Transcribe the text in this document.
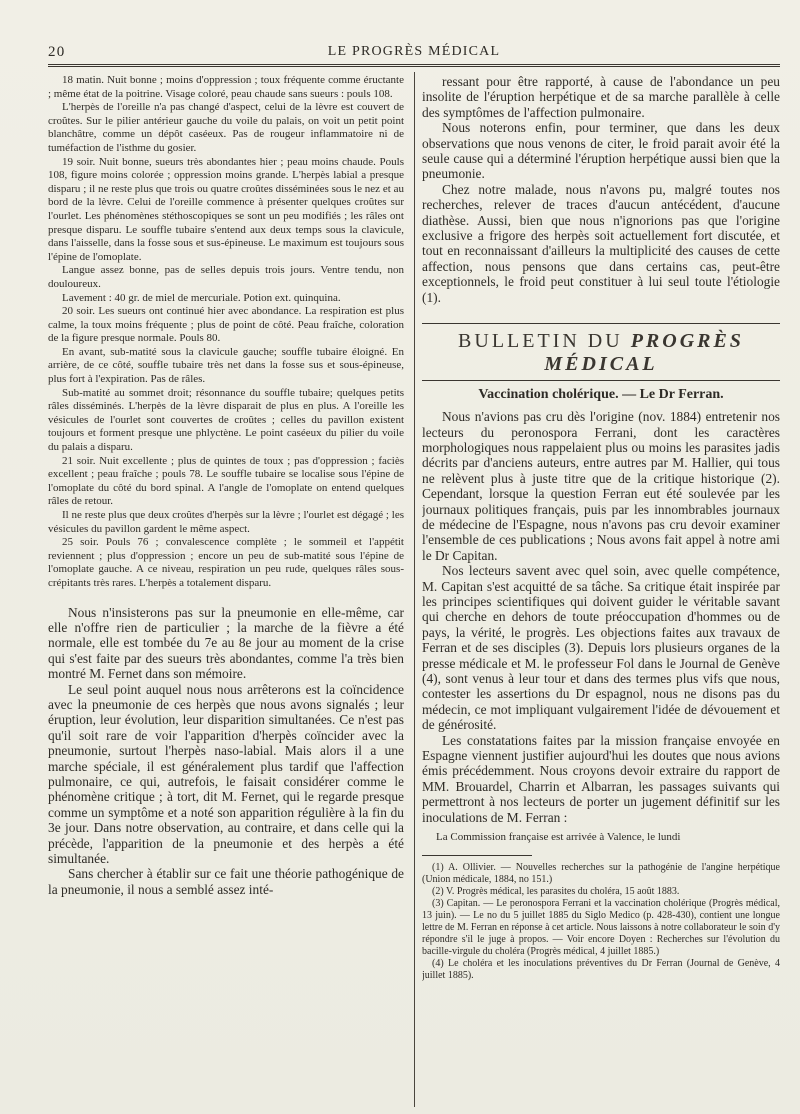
20	LE PROGRÈS MÉDICAL

18 matin. Nuit bonne ; moins d'oppression ; toux fréquente comme éructante ; même état de la poitrine. Visage coloré, peau chaude sans sueurs : pouls 108.

L'herpès de l'oreille n'a pas changé d'aspect, celui de la lèvre est couvert de croûtes. Sur le pilier antérieur gauche du voile du palais, on voit un petit point blanchâtre, comme un dépôt caséeux. Pas de rougeur inflammatoire ni de tuméfaction de l'isthme du gosier.

19 soir. Nuit bonne, sueurs très abondantes hier ; peau moins chaude. Pouls 108, figure moins colorée ; oppression moins grande. L'herpès labial a presque disparu ; il ne reste plus que trois ou quatre croûtes disséminées sous le nez et au bord de la lèvre. Celui de l'oreille commence à présenter quelques croûtes sur l'ourlet. Les phénomènes stéthoscopiques se sont un peu modifiés ; les râles ont presque disparu. Le souffle tubaire s'entend aux deux temps sous la clavicule, dans l'aisselle, dans la fosse sous et sus-épineuse. Le maximum est toujours sous l'épine de l'omoplate.

Langue assez bonne, pas de selles depuis trois jours. Ventre tendu, non douloureux.

Lavement : 40 gr. de miel de mercuriale. Potion ext. quinquina.

20 soir. Les sueurs ont continué hier avec abondance. La respiration est plus calme, la toux moins fréquente ; plus de point de côté. Peau fraîche, coloration de la figure presque normale. Pouls 80.

En avant, sub-matité sous la clavicule gauche; souffle tubaire éloigné. En arrière, de ce côté, souffle tubaire très net dans la fosse sus et sous-épineuse, plus fort à l'expiration. Pas de râles.

Sub-matité au sommet droit; résonnance du souffle tubaire; quelques petits râles disséminés. L'herpès de la lèvre disparait de plus en plus. A l'oreille les vésicules de l'ourlet sont couvertes de croûtes ; celles du pavillon existent toujours et forment presque une phlyctène. Le point caséeux du pilier du voile du palais a disparu.

21 soir. Nuit excellente ; plus de quintes de toux ; pas d'oppression ; faciès excellent ; peau fraîche ; pouls 78. Le souffle tubaire se localise sous l'épine de l'omoplate du côté du bord spinal. A l'angle de l'omoplate on entend quelques râles de retour.

Il ne reste plus que deux croûtes d'herpès sur la lèvre ; l'ourlet est dégagé ; les vésicules du pavillon gardent le même aspect.

25 soir. Pouls 76 ; convalescence complète ; le sommeil et l'appétit reviennent ; plus d'oppression ; encore un peu de sub-matité sous l'épine de l'omoplate gauche. A ce niveau, respiration un peu rude, quelques râles sous-crépitants très rares. L'herpès a totalement disparu.

Nous n'insisterons pas sur la pneumonie en elle-même, car elle n'offre rien de particulier ; la marche de la fièvre a été normale, elle est tombée du 7e au 8e jour au moment de la crise qui s'est faite par des sueurs très abondantes, comme l'a très bien montré M. Fernet dans son mémoire.

Le seul point auquel nous nous arrêterons est la coïncidence avec la pneumonie de ces herpès que nous avons signalés ; leur éruption, leur évolution, leur disparition simultanées. Ce n'est pas qu'il soit rare de voir l'apparition d'herpès coïncider avec la pneumonie, surtout l'herpès naso-labial. Mais alors il a une marche spéciale, il est généralement plus tardif que l'affection pulmonaire, ce qui, autrefois, le faisait considérer comme le phénomène critique ; à tort, dit M. Fernet, qui le regarde presque comme un symptôme et a noté son apparition régulière à la fin du 3e jour. Dans notre observation, au contraire, et dans celle qui la précède, l'apparition de la pneumonie et des herpès a été simultanée.

Sans chercher à établir sur ce fait une théorie pathogénique de la pneumonie, il nous a semblé assez inté-

ressant pour être rapporté, à cause de l'abondance un peu insolite de l'éruption herpétique et de sa marche parallèle à celle des symptômes de l'affection pulmonaire.

Nous noterons enfin, pour terminer, que dans les deux observations que nous venons de citer, le froid parait avoir été la seule cause qui a déterminé l'éruption herpétique aussi bien que la pneumonie.

Chez notre malade, nous n'avons pu, malgré toutes nos recherches, relever de traces d'aucun antécédent, d'aucune diathèse. Aussi, bien que nous n'ignorions pas que l'origine exclusive a frigore des herpès soit actuellement fort discutée, et tout en reconnaissant d'ailleurs la multiplicité des causes de cette affection, nous pensons que dans certains cas, peut-être exceptionnels, le froid peut constituer à lui seul toute l'étiologie (1).

BULLETIN DU PROGRÈS MÉDICAL
Vaccination cholérique. — Le Dr Ferran.

Nous n'avions pas cru dès l'origine (nov. 1884) entretenir nos lecteurs du peronospora Ferrani, dont les caractères morphologiques nous rappelaient plus ou moins les parasites jadis décrits par d'anciens auteurs, entre autres par M. Hallier, qui tous ne relèvent plus à juste titre que de la critique historique (2). Cependant, lorsque la question Ferran eut été soulevée par les journaux politiques français, puis par les innombrables journaux de médecine de l'Espagne, nous n'avons pas cru devoir examiner l'ensemble de ces publications ; Nous avons fait appel à notre ami le Dr Capitan.

Nos lecteurs savent avec quel soin, avec quelle compétence, M. Capitan s'est acquitté de sa tâche. Sa critique était inspirée par les principes scientifiques qui doivent guider le véritable savant qui cherche en dehors de toute préoccupation d'hommes ou de pays, la vérité, le progrès. Les objections faites aux travaux de Ferran et de ses disciples (3). Depuis lors plusieurs organes de la presse médicale et M. le professeur Fol dans le Journal de Genève (4), sont venus à leur tour et dans des termes plus vifs que nous, contester les assertions du Dr espagnol, nous ne disons pas du médecin, ce mot impliquant vulgairement l'idée de dévouement et de générosité.

Les constatations faites par la mission française envoyée en Espagne viennent justifier aujourd'hui les doutes que nous avions émis précédemment. Nous croyons devoir extraire du rapport de MM. Brouardel, Charrin et Albarran, les passages suivants qui permettront à nos lecteurs de porter un jugement définitif sur les inoculations de M. Ferran :

La Commission française est arrivée à Valence, le lundi

(1) A. Ollivier. — Nouvelles recherches sur la pathogénie de l'angine herpétique (Union médicale, 1884, no 151.)

(2) V. Progrès médical, les parasites du choléra, 15 août 1883.

(3) Capitan. — Le peronospora Ferrani et la vaccination cholérique (Progrès médical, 13 juin). — Le no du 5 juillet 1885 du Siglo Medico (p. 428-430), contient une longue lettre de M. Ferran en réponse à cet article. Nous laissons à notre collaborateur le soin d'y répondre s'il le juge à propos. — Voir encore Doyen : Recherches sur l'évolution du bacille-virgule du choléra (Progrès médical, 4 juillet 1885.)

(4) Le choléra et les inoculations préventives du Dr Ferran (Journal de Genève, 4 juillet 1885).
